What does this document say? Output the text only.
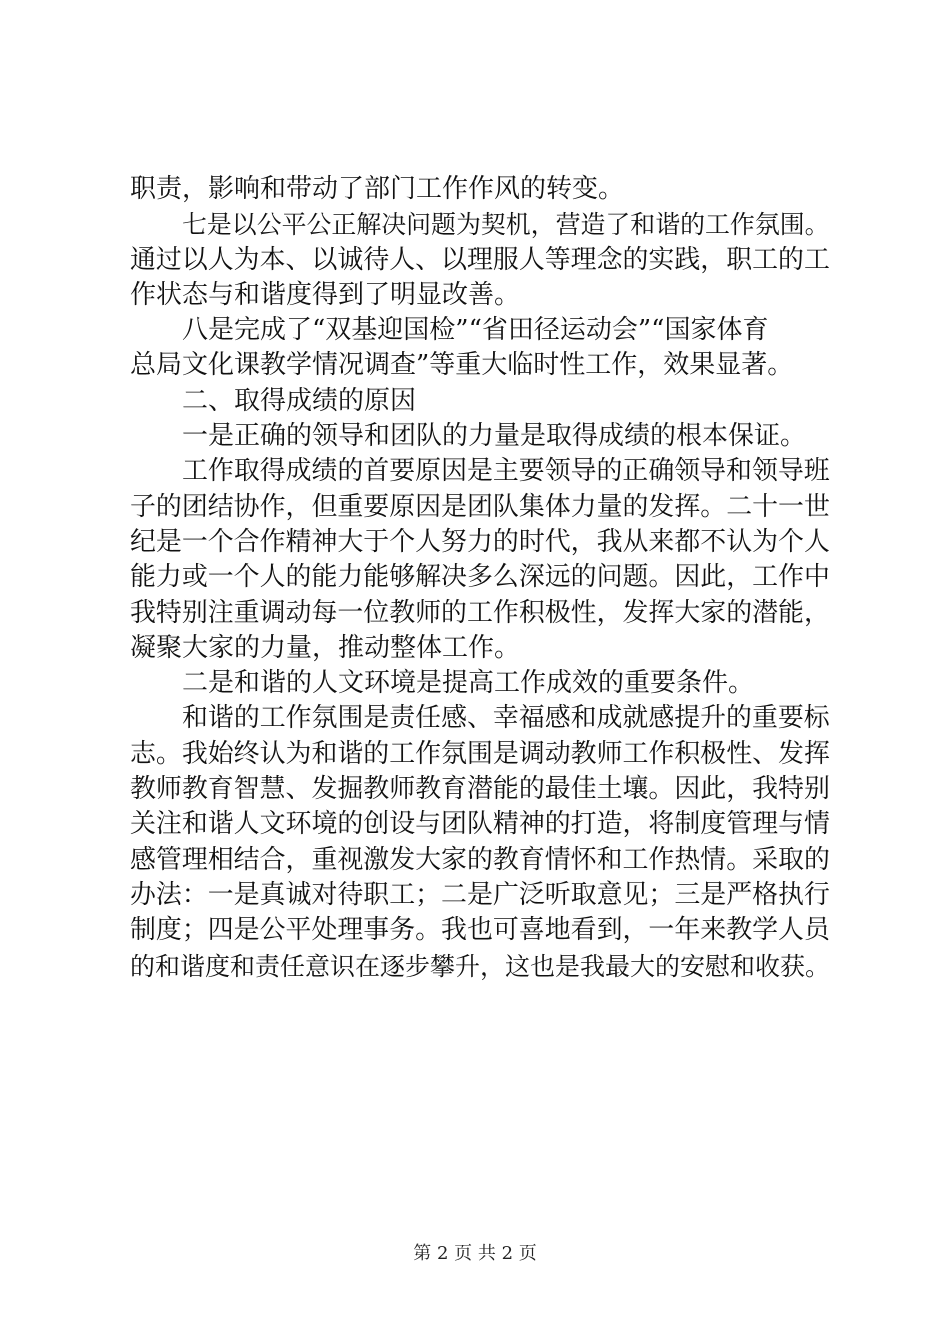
职责，影响和带动了部门工作作风的转变。
七是以公平公正解决问题为契机，营造了和谐的工作氛围。
通过以人为本、以诚待人、以理服人等理念的实践，职工的工
作状态与和谐度得到了明显改善。
八是完成了“双基迎国检”“省田径运动会”“国家体育
总局文化课教学情况调查”等重大临时性工作，效果显著。
二、取得成绩的原因
一是正确的领导和团队的力量是取得成绩的根本保证。
工作取得成绩的首要原因是主要领导的正确领导和领导班
子的团结协作，但重要原因是团队集体力量的发挥。二十一世
纪是一个合作精神大于个人努力的时代，我从来都不认为个人
能力或一个人的能力能够解决多么深远的问题。因此，工作中
我特别注重调动每一位教师的工作积极性，发挥大家的潜能，
凝聚大家的力量，推动整体工作。
二是和谐的人文环境是提高工作成效的重要条件。
和谐的工作氛围是责任感、幸福感和成就感提升的重要标
志。我始终认为和谐的工作氛围是调动教师工作积极性、发挥
教师教育智慧、发掘教师教育潜能的最佳土壤。因此，我特别
关注和谐人文环境的创设与团队精神的打造，将制度管理与情
感管理相结合，重视激发大家的教育情怀和工作热情。采取的
办法：一是真诚对待职工；二是广泛听取意见；三是严格执行
制度；四是公平处理事务。我也可喜地看到，一年来教学人员
的和谐度和责任意识在逐步攀升，这也是我最大的安慰和收获。
第 2 页 共 2 页
